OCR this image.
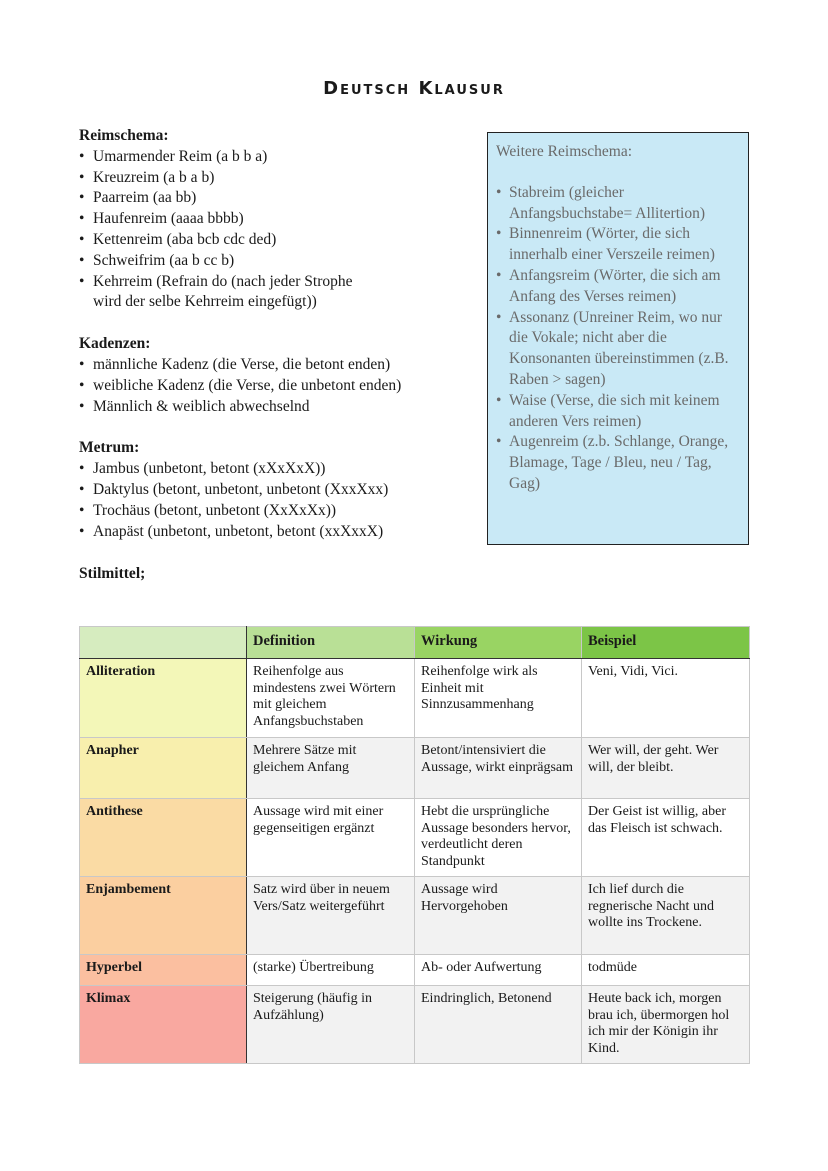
Deutsch Klausur
Reimschema:
• Umarmender Reim (a b b a)
• Kreuzreim (a b a b)
• Paarreim (aa bb)
• Haufenreim (aaaa bbbb)
• Kettenreim (aba bcb cdc ded)
• Schweifrim (aa b cc b)
• Kehrreim (Refrain do (nach jeder Strophe
wird der selbe Kehrreim eingefügt))
Kadenzen:
• männliche Kadenz (die Verse, die betont enden)
• weibliche Kadenz (die Verse, die unbetont enden)
• Männlich & weiblich abwechselnd
Metrum:
• Jambus (unbetont, betont (xXxXxX))
• Daktylus (betont, unbetont, unbetont (XxxXxx)
• Trochäus (betont, unbetont (XxXxXx))
• Anapäst (unbetont, unbetont, betont (xxXxxX)
Weitere Reimschema:
• Stabreim (gleicher Anfangsbuchstabe= Allitertion)
• Binnenreim (Wörter, die sich innerhalb einer Verszeile reimen)
• Anfangsreim (Wörter, die sich am Anfang des Verses reimen)
• Assonanz (Unreiner Reim, wo nur die Vokale; nicht aber die Konsonanten übereinstimmen (z.B. Raben > sagen)
• Waise (Verse, die sich mit keinem anderen Vers reimen)
• Augenreim (z.b. Schlange, Orange, Blamage, Tage / Bleu, neu / Tag, Gag)
Stilmittel;
	Definition	Wirkung	Beispiel
Alliteration	Reihenfolge aus mindestens zwei Wörtern mit gleichem Anfangsbuchstaben	Reihenfolge wirk als Einheit mit Sinnzusammenhang	Veni, Vidi, Vici.
Anapher	Mehrere Sätze mit gleichem Anfang	Betont/intensiviert die Aussage, wirkt einprägsam	Wer will, der geht. Wer will, der bleibt.
Antithese	Aussage wird mit einer gegenseitigen ergänzt	Hebt die ursprüngliche Aussage besonders hervor, verdeutlicht deren Standpunkt	Der Geist ist willig, aber das Fleisch ist schwach.
Enjambement	Satz wird über in neuem Vers/Satz weitergeführt	Aussage wird Hervorgehoben	Ich lief durch die regnerische Nacht und wollte ins Trockene.
Hyperbel	(starke) Übertreibung	Ab- oder Aufwertung	todmüde
Klimax	Steigerung (häufig in Aufzählung)	Eindringlich, Betonend	Heute back ich, morgen brau ich, übermorgen hol ich mir der Königin ihr Kind.
